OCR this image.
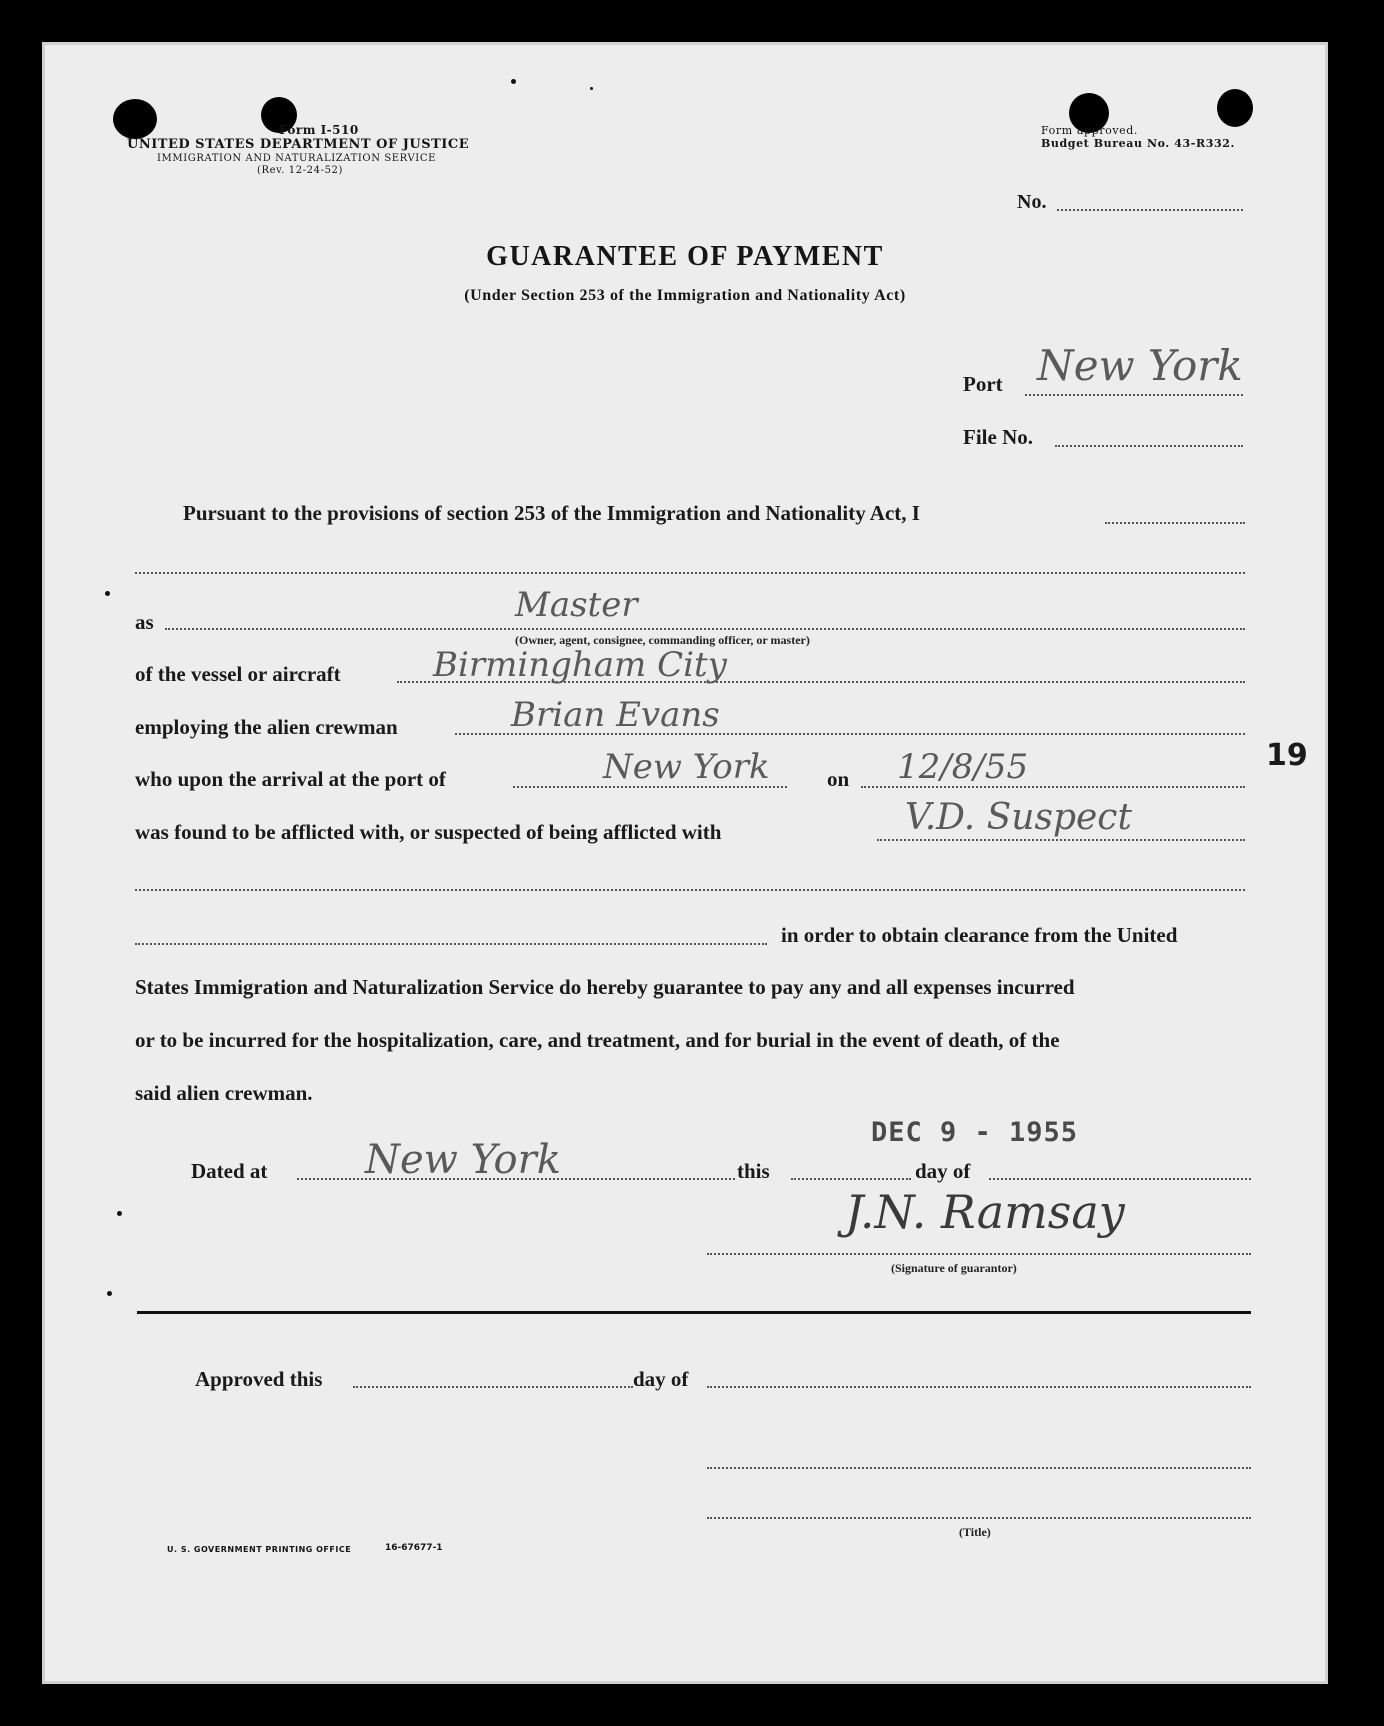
Form I-510
UNITED STATES DEPARTMENT OF JUSTICE
IMMIGRATION AND NATURALIZATION SERVICE
(Rev. 12-24-52)
Form approved.
Budget Bureau No. 43-R332.
No.
GUARANTEE OF PAYMENT
(Under Section 253 of the Immigration and Nationality Act)
Port New York
File No.
Pursuant to the provisions of section 253 of the Immigration and Nationality Act, I
as	Master
(Owner, agent, consignee, commanding officer, or master)
of the vessel or aircraft	Birmingham City
employing the alien crewman	Brian Evans
who upon the arrival at the port of	New York	on 12/8/55
was found to be afflicted with, or suspected of being afflicted with	V.D. Suspect
in order to obtain clearance from the United
States Immigration and Naturalization Service do hereby guarantee to pay any and all expenses incurred
or to be incurred for the hospitalization, care, and treatment, and for burial in the event of death, of the
said alien crewman.
DEC 9 - 1955
Dated at New York	this	day of
J.N. Ramsay
(Signature of guarantor)
Approved this	day of
(Title)
U. S. GOVERNMENT PRINTING OFFICE	16-67677-1
19
